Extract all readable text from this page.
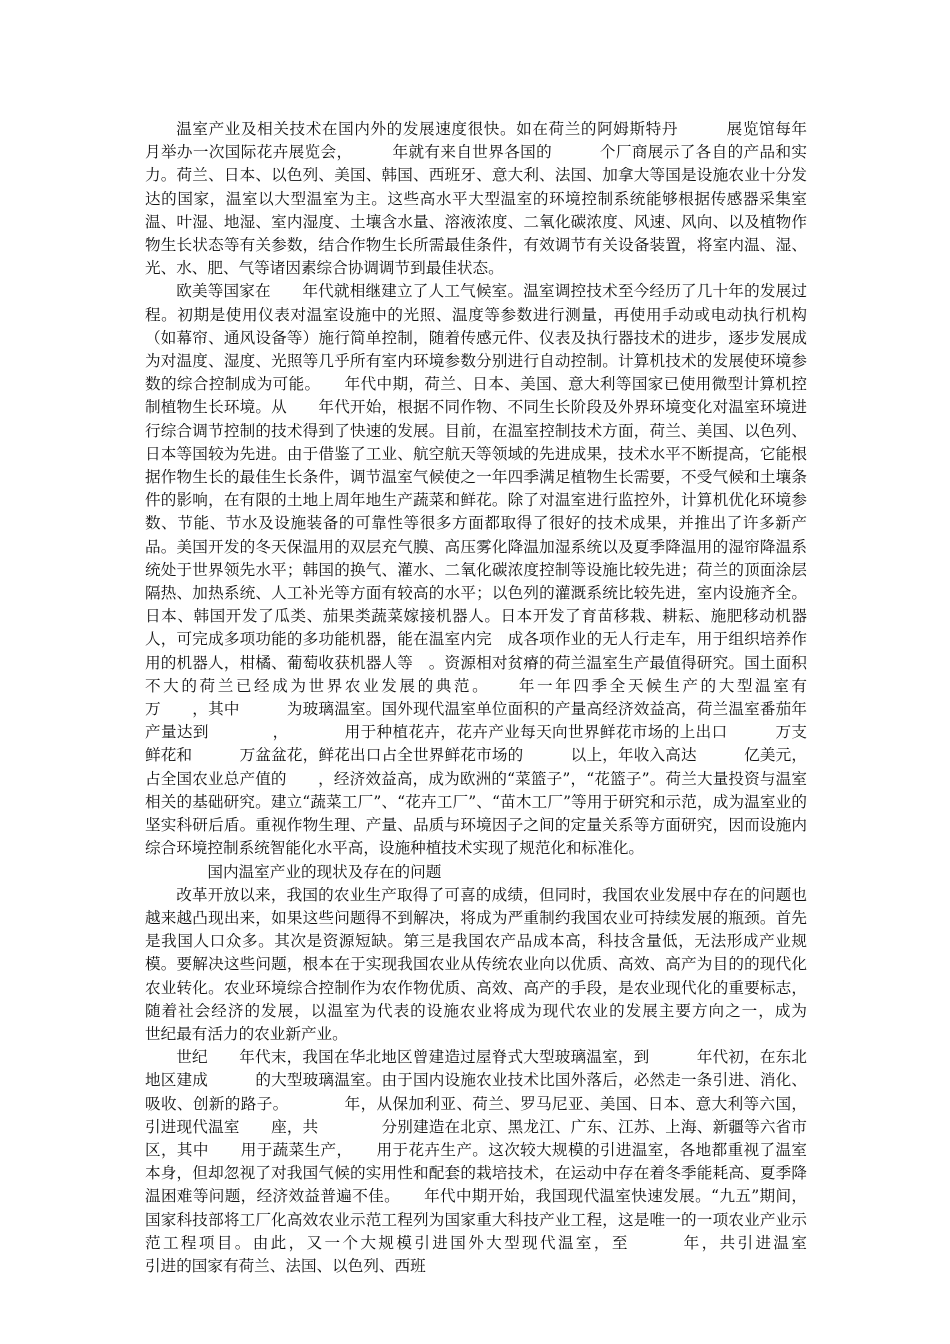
温室产业及相关技术在国内外的发展速度很快。如在荷兰的阿姆斯特丹　　　展览馆每年　　月举办一次国际花卉展览会，　　　年就有来自世界各国的　　　个厂商展示了各自的产品和实力。荷兰、日本、以色列、美国、韩国、西班牙、意大利、法国、加拿大等国是设施农业十分发达的国家，温室以大型温室为主。这些高水平大型温室的环境控制系统能够根据传感器采集室温、叶湿、地湿、室内湿度、土壤含水量、溶液浓度、二氧化碳浓度、风速、风向、以及植物作物生长状态等有关参数，结合作物生长所需最佳条件，有效调节有关设备装置，将室内温、湿、光、水、肥、气等诸因素综合协调调节到最佳状态。

欧美等国家在　　年代就相继建立了人工气候室。温室调控技术至今经历了几十年的发展过程。初期是使用仪表对温室设施中的光照、温度等参数进行测量，再使用手动或电动执行机构（如幕帘、通风设备等）施行简单控制，随着传感元件、仪表及执行器技术的进步，逐步发展成为对温度、湿度、光照等几乎所有室内环境参数分别进行自动控制。计算机技术的发展使环境参数的综合控制成为可能。　　年代中期，荷兰、日本、美国、意大利等国家已使用微型计算机控制植物生长环境。从　　年代开始，根据不同作物、不同生长阶段及外界环境变化对温室环境进行综合调节控制的技术得到了快速的发展。目前，在温室控制技术方面，荷兰、美国、以色列、日本等国较为先进。由于借鉴了工业、航空航天等领域的先进成果，技术水平不断提高，它能根据作物生长的最佳生长条件，调节温室气候使之一年四季满足植物生长需要，不受气候和土壤条件的影响，在有限的土地上周年地生产蔬菜和鲜花。除了对温室进行监控外，计算机优化环境参数、节能、节水及设施装备的可靠性等很多方面都取得了很好的技术成果，并推出了许多新产品。美国开发的冬天保温用的双层充气膜、高压雾化降温加湿系统以及夏季降温用的湿帘降温系统处于世界领先水平；韩国的换气、灌水、二氧化碳浓度控制等设施比较先进；荷兰的顶面涂层隔热、加热系统、人工补光等方面有较高的水平；以色列的灌溉系统比较先进，室内设施齐全。日本、韩国开发了瓜类、茄果类蔬菜嫁接机器人。日本开发了育苗移栽、耕耘、施肥移动机器人，可完成多项功能的多功能机器，能在温室内完　成各项作业的无人行走车，用于组织培养作用的机器人，柑橘、葡萄收获机器人等　。资源相对贫瘠的荷兰温室生产最值得研究。国土面积不大的荷兰已经成为世界农业发展的典范。　　年一年四季全天候生产的大型温室有　　万　　，其中　　　为玻璃温室。国外现代温室单位面积的产量高经济效益高，荷兰温室番茄年产量达到　　　　，　　　　用于种植花卉，花卉产业每天向世界鲜花市场的上出口　　　万支鲜花和　　　万盆盆花，鲜花出口占全世界鲜花市场的　　　以上，年收入高达　　　亿美元，占全国农业总产值的　　，经济效益高，成为欧洲的“菜篮子”，“花篮子”。荷兰大量投资与温室相关的基础研究。建立“蔬菜工厂”、“花卉工厂”、“苗木工厂”等用于研究和示范，成为温室业的坚实科研后盾。重视作物生理、产量、品质与环境因子之间的定量关系等方面研究，因而设施内综合环境控制系统智能化水平高，设施种植技术实现了规范化和标准化。

国内温室产业的现状及存在的问题

改革开放以来，我国的农业生产取得了可喜的成绩，但同时，我国农业发展中存在的问题也越来越凸现出来，如果这些问题得不到解决，将成为严重制约我国农业可持续发展的瓶颈。首先是我国人口众多。其次是资源短缺。第三是我国农产品成本高，科技含量低，无法形成产业规模。要解决这些问题，根本在于实现我国农业从传统农业向以优质、高效、高产为目的的现代化农业转化。农业环境综合控制作为农作物优质、高效、高产的手段，是农业现代化的重要标志，随着社会经济的发展，以温室为代表的设施农业将成为现代农业的发展主要方向之一，成为　　世纪最有活力的农业新产业。

世纪　　年代末，我国在华北地区曾建造过屋脊式大型玻璃温室，到　　　年代初，在东北地区建成　　　的大型玻璃温室。由于国内设施农业技术比国外落后，必然走一条引进、消化、吸收、创新的路子。　　　　年，从保加利亚、荷兰、罗马尼亚、美国、日本、意大利等六国，引进现代温室　　座，共　　　　分别建造在北京、黑龙江、广东、江苏、上海、新疆等六省市区，其中　　用于蔬菜生产，　　用于花卉生产。这次较大规模的引进温室，各地都重视了温室本身，但却忽视了对我国气候的实用性和配套的栽培技术，在运动中存在着冬季能耗高、夏季降温困难等问题，经济效益普遍不佳。　　年代中期开始，我国现代温室快速发展。“九五”期间，国家科技部将工厂化高效农业示范工程列为国家重大科技产业工程，这是唯一的一项农业产业示范工程项目。由此，又一个大规模引进国外大型现代温室，至　　　年，共引进温室　　　　　引进的国家有荷兰、法国、以色列、西班
